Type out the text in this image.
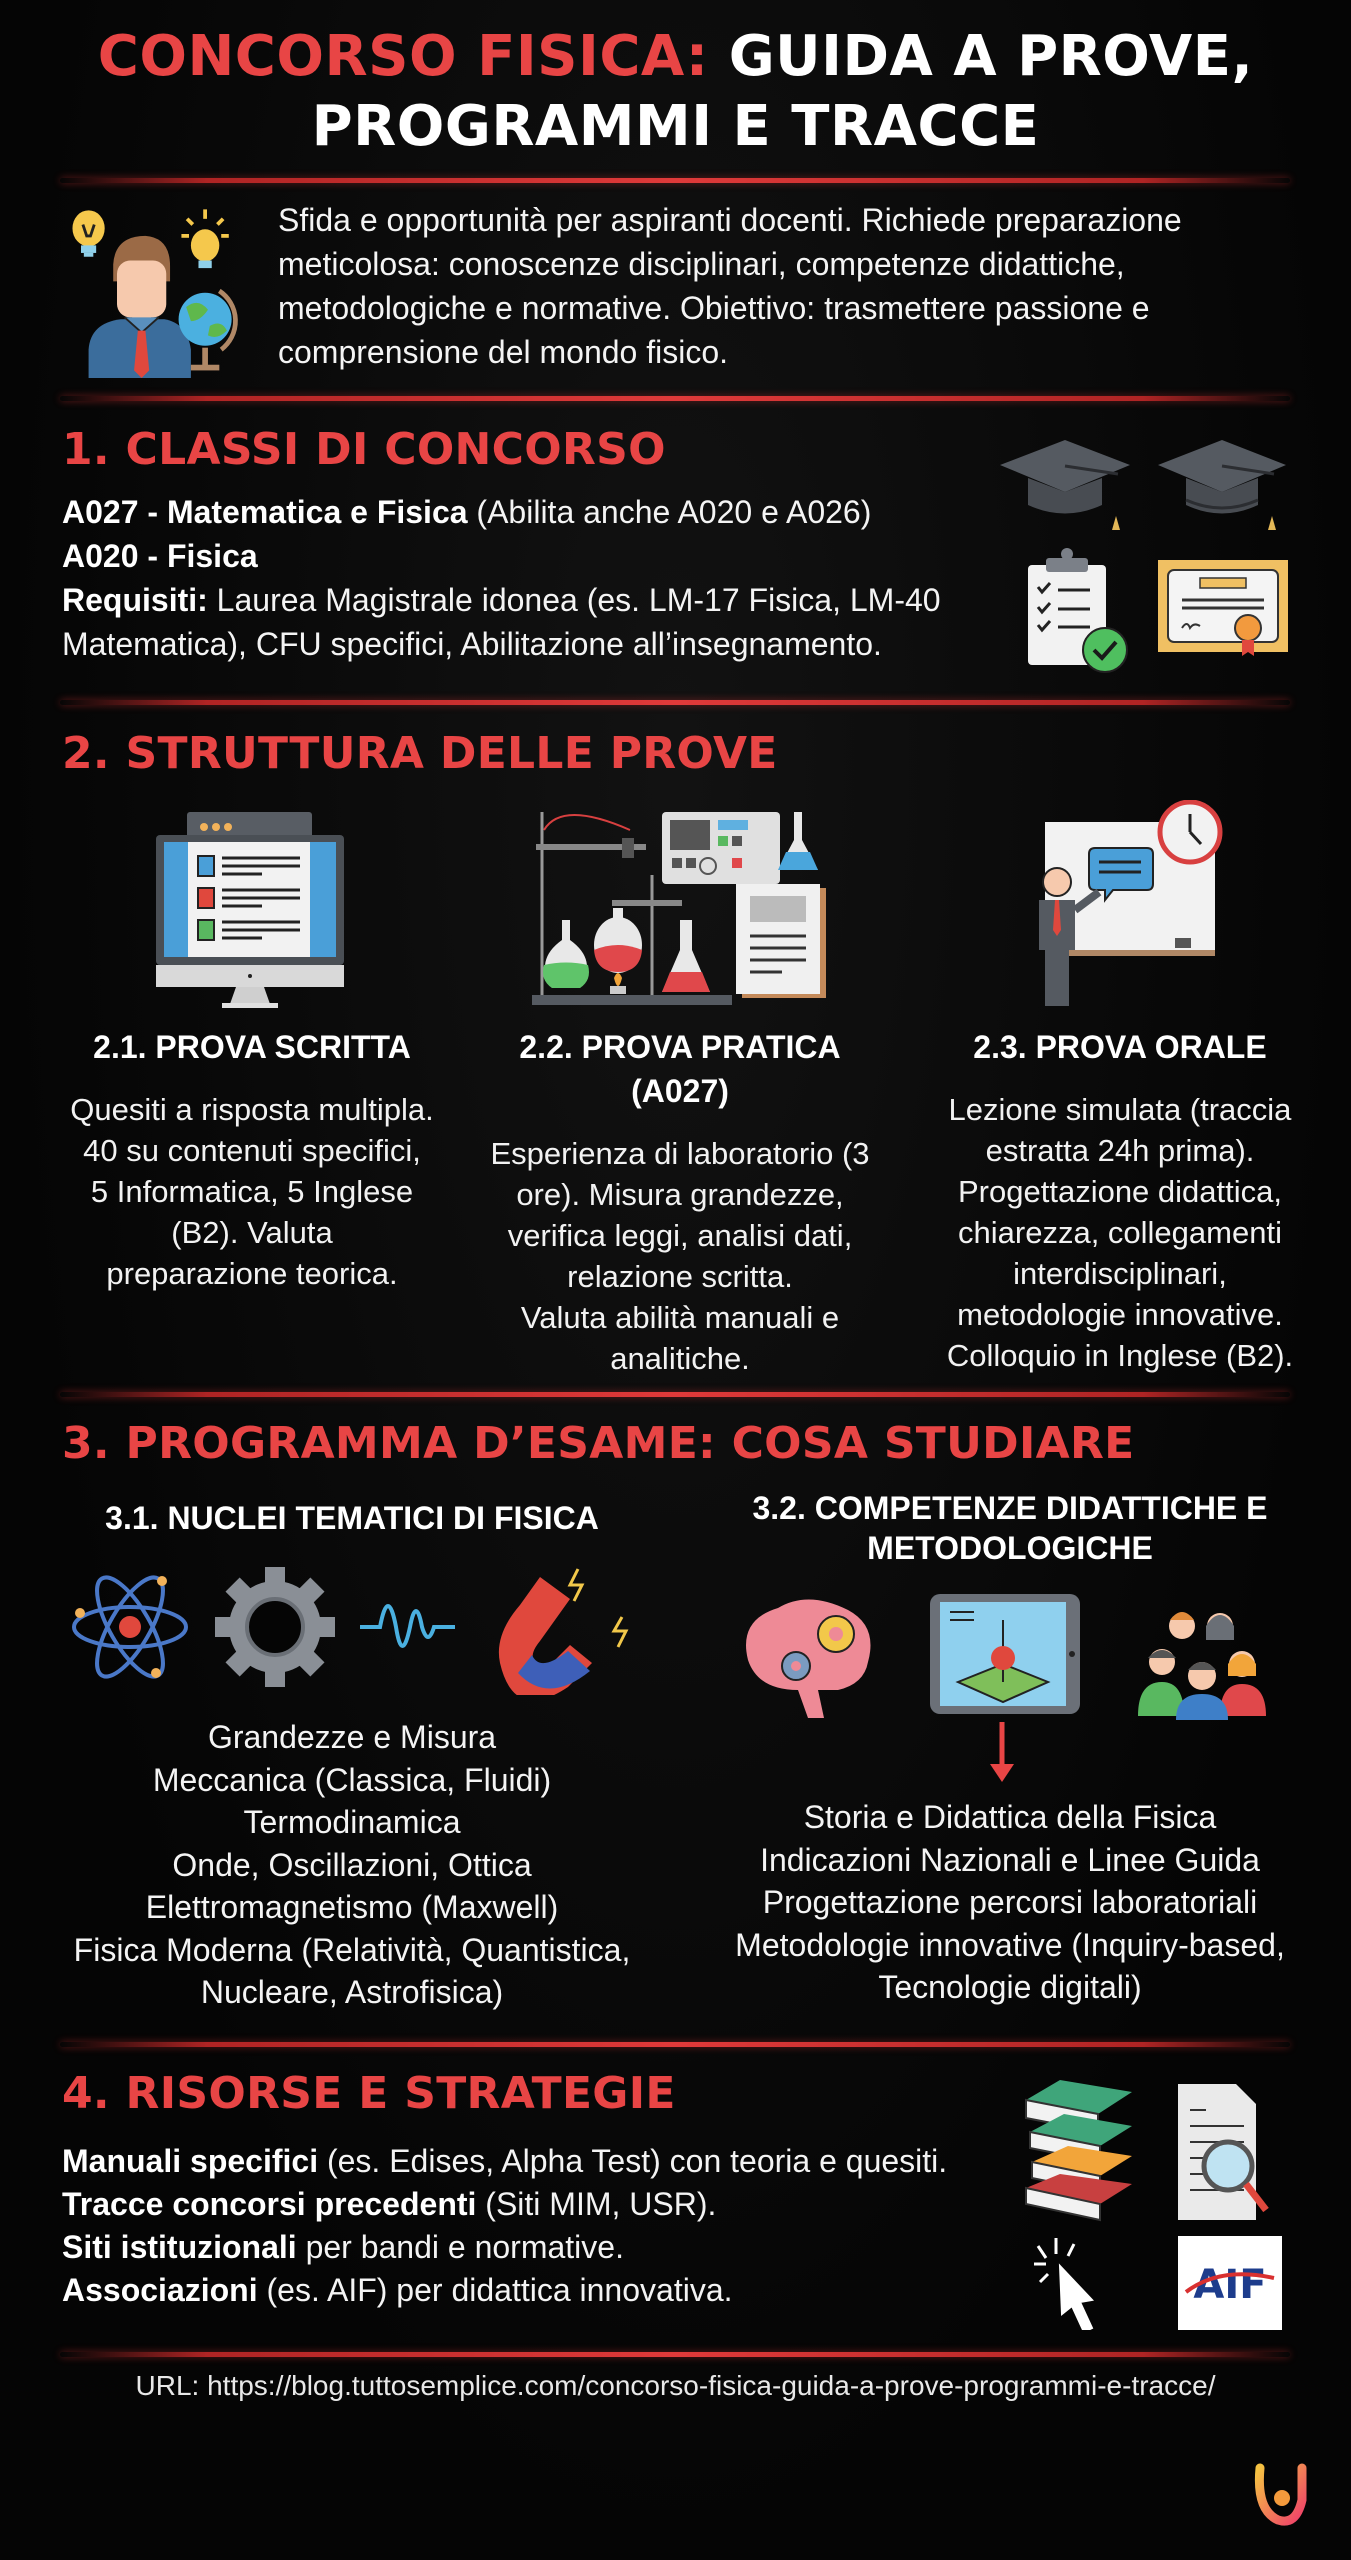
CONCORSO FISICA: GUIDA A PROVE,
PROGRAMMI E TRACCE
Sfida e opportunità per aspiranti docenti. Richiede preparazione
meticolosa: conoscenze disciplinari, competenze didattiche,
metodologiche e normative. Obiettivo: trasmettere passione e
comprensione del mondo fisico.
1. CLASSI DI CONCORSO
A027 - Matematica e Fisica (Abilita anche A020 e A026)
A020 - Fisica
Requisiti: Laurea Magistrale idonea (es. LM-17 Fisica, LM-40
Matematica), CFU specifici, Abilitazione all’insegnamento.
2. STRUTTURA DELLE PROVE
2.1. PROVA SCRITTA
Quesiti a risposta multipla.
40 su contenuti specifici,
5 Informatica, 5 Inglese
(B2). Valuta
preparazione teorica.
2.2. PROVA PRATICA (A027)
Esperienza di laboratorio (3
ore). Misura grandezze,
verifica leggi, analisi dati,
relazione scritta.
Valuta abilità manuali e
analitiche.
2.3. PROVA ORALE
Lezione simulata (traccia
estratta 24h prima).
Progettazione didattica,
chiarezza, collegamenti
interdisciplinari,
metodologie innovative.
Colloquio in Inglese (B2).
3. PROGRAMMA D’ESAME: COSA STUDIARE
3.1. NUCLEI TEMATICI DI FISICA	3.2. COMPETENZE DIDATTICHE E
METODOLOGICHE
Grandezze e Misura
Meccanica (Classica, Fluidi)
Termodinamica
Onde, Oscillazioni, Ottica
Elettromagnetismo (Maxwell)
Fisica Moderna (Relatività, Quantistica,
Nucleare, Astrofisica)
Storia e Didattica della Fisica
Indicazioni Nazionali e Linee Guida
Progettazione percorsi laboratoriali
Metodologie innovative (Inquiry-based,
Tecnologie digitali)
4. RISORSE E STRATEGIE
Manuali specifici (es. Edises, Alpha Test) con teoria e quesiti.
Tracce concorsi precedenti (Siti MIM, USR).
Siti istituzionali per bandi e normative.
Associazioni (es. AIF) per didattica innovativa.	AIF
URL: https://blog.tuttosemplice.com/concorso-fisica-guida-a-prove-programmi-e-tracce/
